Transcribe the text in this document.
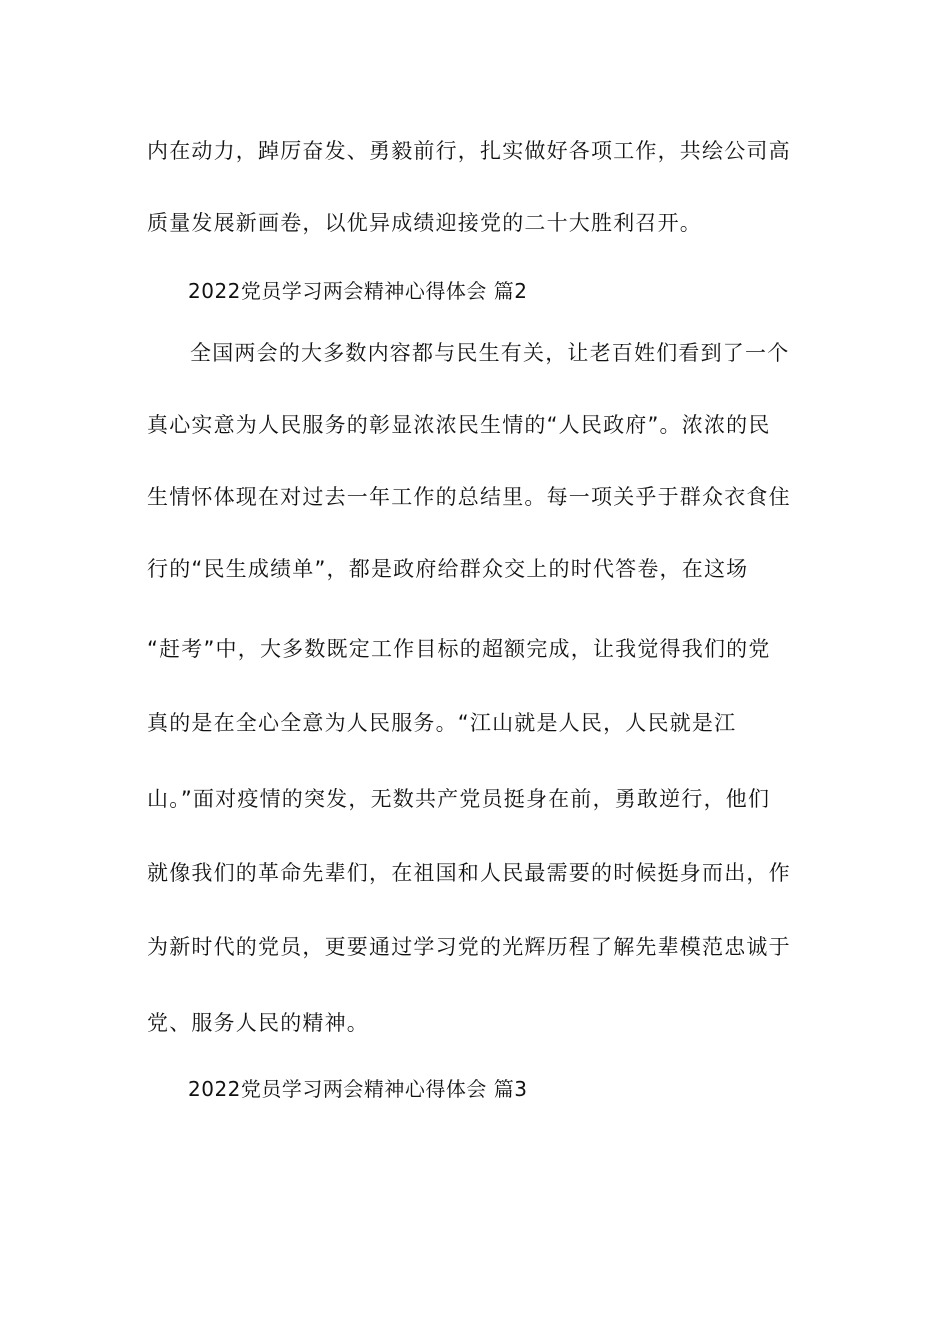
内在动力，踔厉奋发、勇毅前行，扎实做好各项工作，共绘公司高
质量发展新画卷，以优异成绩迎接党的二十大胜利召开。
2022党员学习两会精神心得体会 篇2
全国两会的大多数内容都与民生有关，让老百姓们看到了一个
真心实意为人民服务的彰显浓浓民生情的“人民政府”。浓浓的民
生情怀体现在对过去一年工作的总结里。每一项关乎于群众衣食住
行的“民生成绩单”，都是政府给群众交上的时代答卷，在这场
“赶考”中，大多数既定工作目标的超额完成，让我觉得我们的党
真的是在全心全意为人民服务。“江山就是人民，人民就是江
山。”面对疫情的突发，无数共产党员挺身在前，勇敢逆行，他们
就像我们的革命先辈们，在祖国和人民最需要的时候挺身而出，作
为新时代的党员，更要通过学习党的光辉历程了解先辈模范忠诚于
党、服务人民的精神。
2022党员学习两会精神心得体会 篇3
